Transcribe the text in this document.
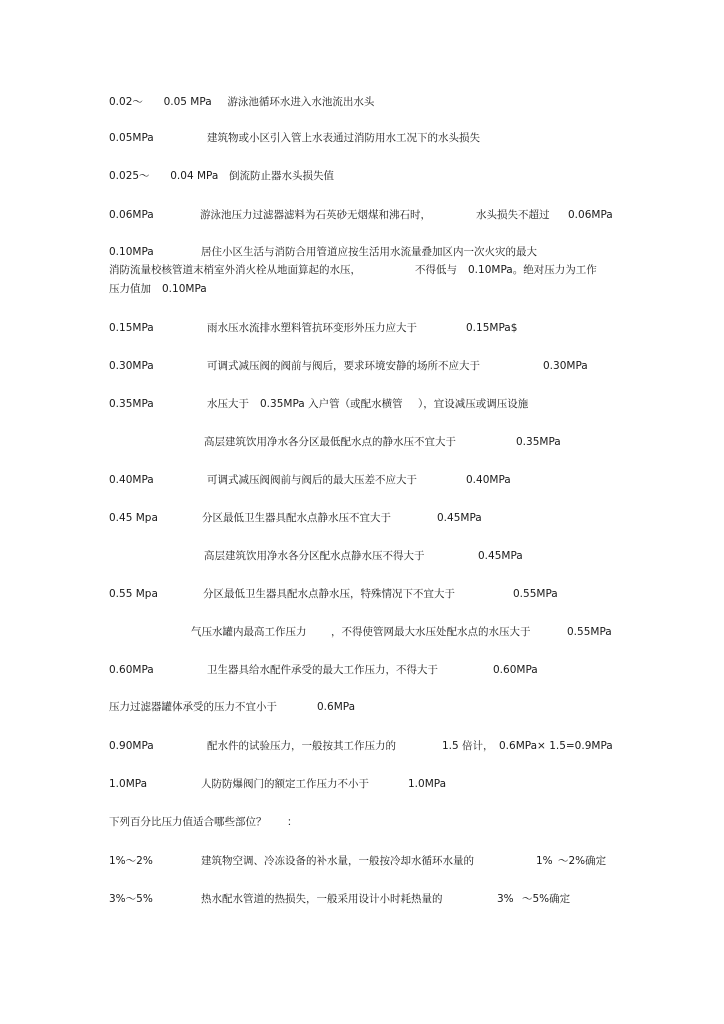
0.02～ 0.05 MPa 游泳池循环水进入水池流出水头
0.05MPa	建筑物或小区引入管上水表通过消防用水工况下的水头损失
0.025～ 0.04 MPa 倒流防止器水头损失值
0.06MPa	游泳池压力过滤器滤料为石英砂无烟煤和沸石时，	水头损失不超过 0.06MPa
0.10MPa	居住小区生活与消防合用管道应按生活用水流量叠加区内一次火灾的最大
消防流量校核管道末梢室外消火栓从地面算起的水压，	不得低与 0.10MPa。绝对压力为工作
压力值加 0.10MPa
0.15MPa	雨水压水流排水塑料管抗环变形外压力应大于	0.15MPa$
0.30MPa	可调式减压阀的阀前与阀后，要求环境安静的场所不应大于	0.30MPa
0.35MPa	水压大于 0.35MPa 入户管（或配水横管 ），宜设减压或调压设施
高层建筑饮用净水各分区最低配水点的静水压不宜大于	0.35MPa
0.40MPa	可调式减压阀阀前与阀后的最大压差不应大于	0.40MPa
0.45 Mpa	分区最低卫生器具配水点静水压不宜大于	0.45MPa
高层建筑饮用净水各分区配水点静水压不得大于	0.45MPa
0.55 Mpa	分区最低卫生器具配水点静水压，特殊情况下不宜大于	0.55MPa
气压水罐内最高工作压力 ，不得使管网最大水压处配水点的水压大于	0.55MPa
0.60MPa	卫生器具给水配件承受的最大工作压力，不得大于	0.60MPa
压力过滤器罐体承受的压力不宜小于	0.6MPa
0.90MPa	配水件的试验压力，一般按其工作压力的	1.5 倍计， 0.6MPa× 1.5=0.9MPa
1.0MPa	人防防爆阀门的额定工作压力不小于	1.0MPa
下列百分比压力值适合哪些部位？ ：
1%～2%	建筑物空调、冷冻设备的补水量，一般按冷却水循环水量的	1% ～2%确定
3%～5%	热水配水管道的热损失，一般采用设计小时耗热量的	3% ～5%确定
